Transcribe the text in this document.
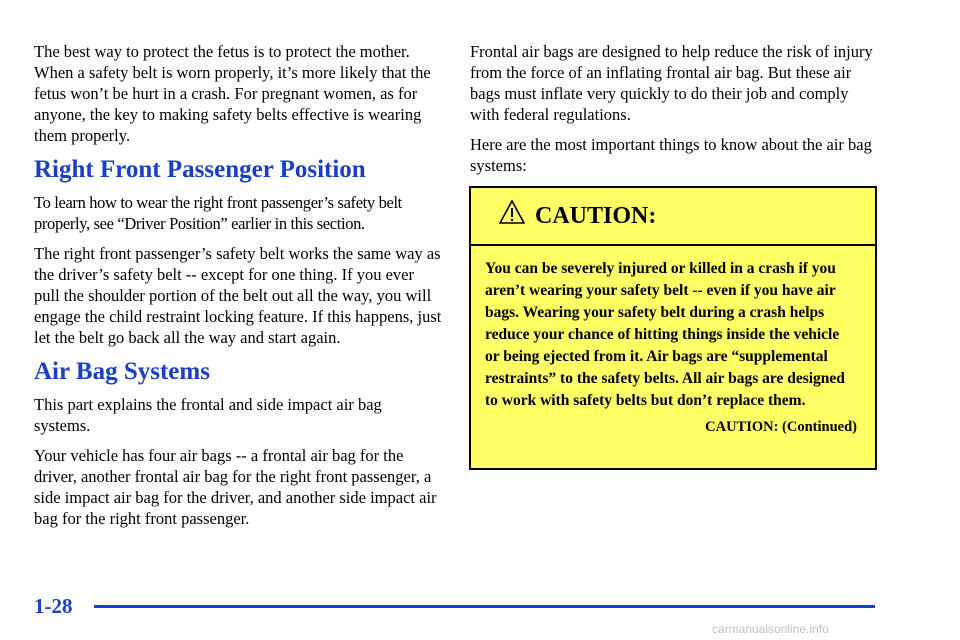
The best way to protect the fetus is to protect the mother. When a safety belt is worn properly, it’s more likely that the fetus won’t be hurt in a crash. For pregnant women, as for anyone, the key to making safety belts effective is wearing them properly.

Right Front Passenger Position

To learn how to wear the right front passenger’s safety belt properly, see “Driver Position” earlier in this section.

The right front passenger’s safety belt works the same way as the driver’s safety belt -- except for one thing. If you ever pull the shoulder portion of the belt out all the way, you will engage the child restraint locking feature. If this happens, just let the belt go back all the way and start again.

Air Bag Systems

This part explains the frontal and side impact air bag systems.

Your vehicle has four air bags -- a frontal air bag for the driver, another frontal air bag for the right front passenger, a side impact air bag for the driver, and another side impact air bag for the right front passenger.

Frontal air bags are designed to help reduce the risk of injury from the force of an inflating frontal air bag. But these air bags must inflate very quickly to do their job and comply with federal regulations.

Here are the most important things to know about the air bag systems:

CAUTION:
You can be severely injured or killed in a crash if you aren’t wearing your safety belt -- even if you have air bags. Wearing your safety belt during a crash helps reduce your chance of hitting things inside the vehicle or being ejected from it. Air bags are “supplemental restraints” to the safety belts. All air bags are designed to work with safety belts but don’t replace them.
CAUTION: (Continued)
1-28
carmanualsonline.info
